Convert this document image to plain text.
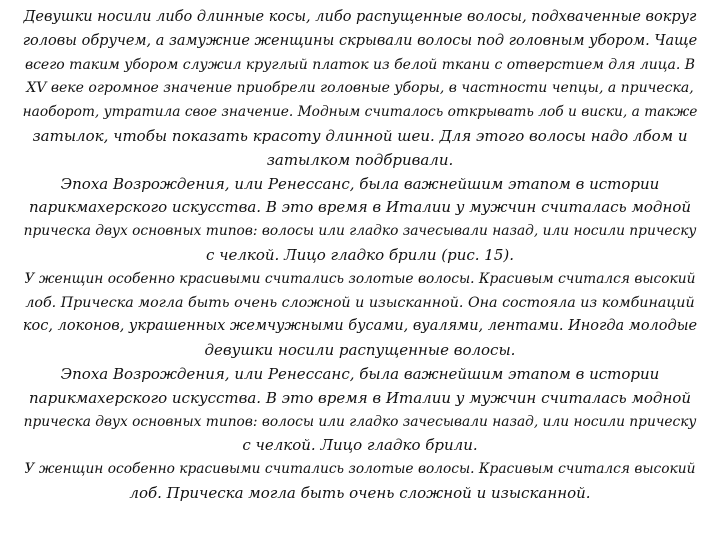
Девушки носили либо длинные косы, либо распущенные волосы, подхваченные вокруг
головы обручем, а замужние женщины скрывали волосы под головным убором. Чаще
всего таким убором служил круглый платок из белой ткани с отверстием для лица. В
XV веке огромное значение приобрели головные уборы, в частности чепцы, а прическа,
наоборот, утратила свое значение. Модным считалось открывать лоб и виски, а также
затылок, чтобы показать красоту длинной шеи. Для этого волосы надо лбом и
затылком подбривали.
Эпоха Возрождения, или Ренессанс, была важнейшим этапом в истории
парикмахерского искусства. В это время в Италии у мужчин считалась модной
прическа двух основных типов: волосы или гладко зачесывали назад, или носили прическу
с челкой. Лицо гладко брили (рис. 15).
У женщин особенно красивыми считались золотые волосы. Красивым считался высокий
лоб. Прическа могла быть очень сложной и изысканной. Она состояла из комбинаций
кос, локонов, украшенных жемчужными бусами, вуалями, лентами. Иногда молодые
девушки носили распущенные волосы.
Эпоха Возрождения, или Ренессанс, была важнейшим этапом в истории
парикмахерского искусства. В это время в Италии у мужчин считалась модной
прическа двух основных типов: волосы или гладко зачесывали назад, или носили прическу
с челкой. Лицо гладко брили.
У женщин особенно красивыми считались золотые волосы. Красивым считался высокий
лоб. Прическа могла быть очень сложной и изысканной.
